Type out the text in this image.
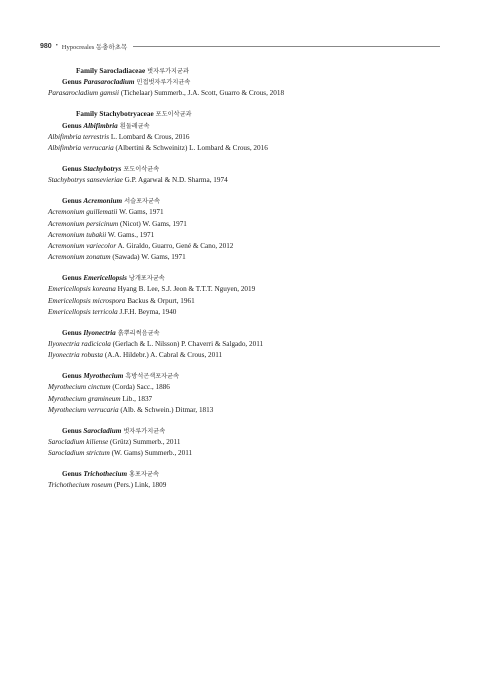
980 • Hypocreales 동충하초목
Family Sarocladiaceae 벗자루가지균과
Genus Parasarocladium 민접벗자루가지균속
Parasarocladium gamsii (Tichelaar) Summerb., J.A. Scott, Guarro & Crous, 2018
Family Stachybotryaceae 포도이삭균과
Genus Albifimbria 흰둘레균속
Albifimbria terrestris L. Lombard & Crous, 2016
Albifimbria verrucaria (Albertini & Schweinitz) L. Lombard & Crous, 2016
Genus Stachybotrys 포도이삭균속
Stachybotrys sansevieriae G.P. Agarwal & N.D. Sharma, 1974
Genus Acremonium 서슬포자균속
Acremonium guillematii W. Gams, 1971
Acremonium persicinum (Nicot) W. Gams, 1971
Acremonium tubakii W. Gams., 1971
Acremonium variecolor A. Giraldo, Guarro, Gené & Cano, 2012
Acremonium zonatum (Sawada) W. Gams, 1971
Genus Emericellopsis 낭개포자균속
Emericellopsis koreana Hyang B. Lee, S.J. Jeon & T.T.T. Nguyen, 2019
Emericellopsis microspora Backus & Orpurt, 1961
Emericellopsis terricola J.F.H. Beyma, 1940
Genus Ilyonectria 흙뿌리썩음균속
Ilyonectria radicicola (Gerlach & L. Nilsson) P. Chaverri & Salgado, 2011
Ilyonectria robusta (A.A. Hildebr.) A. Cabral & Crous, 2011
Genus Myrothecium 흑방석곤색포자균속
Myrothecium cinctum (Corda) Sacc., 1886
Myrothecium gramineum Lib., 1837
Myrothecium verrucaria (Alb. & Schwein.) Ditmar, 1813
Genus Sarocladium 벗자루가지균속
Sarocladium kiliense (Grütz) Summerb., 2011
Sarocladium strictum (W. Gams) Summerb., 2011
Genus Trichothecium 홍포자균속
Trichothecium roseum (Pers.) Link, 1809
